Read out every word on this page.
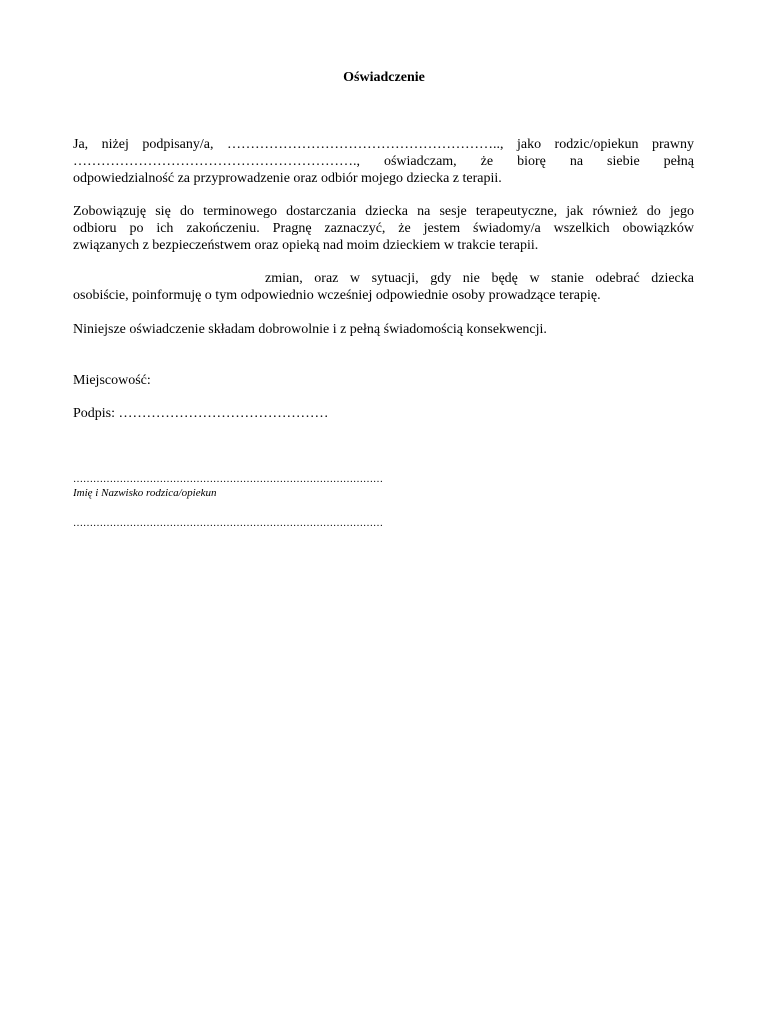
Oświadczenie

Ja, niżej podpisany/a, ………………………………………………….., jako rodzic/opiekun prawny
……………………………………………………., oświadczam, że biorę na siebie pełną
odpowiedzialność za przyprowadzenie oraz odbiór mojego dziecka z terapii.

Zobowiązuję się do terminowego dostarczania dziecka na sesje terapeutyczne, jak również do jego
odbioru po ich zakończeniu. Pragnę zaznaczyć, że jestem świadomy/a wszelkich obowiązków
związanych z bezpieczeństwem oraz opieką nad moim dzieckiem w trakcie terapii.

zmian, oraz w sytuacji, gdy nie będę w stanie odebrać dziecka
osobiście, poinformuję o tym odpowiednio wcześniej odpowiednie osoby prowadzące terapię.

Niniejsze oświadczenie składam dobrowolnie i z pełną świadomością konsekwencji.

Miejscowość:
Podpis: ………………………………………
…………………………………………………………………………………
Imię i Nazwisko rodzica/opiekun
…………………………………………………………………………………
